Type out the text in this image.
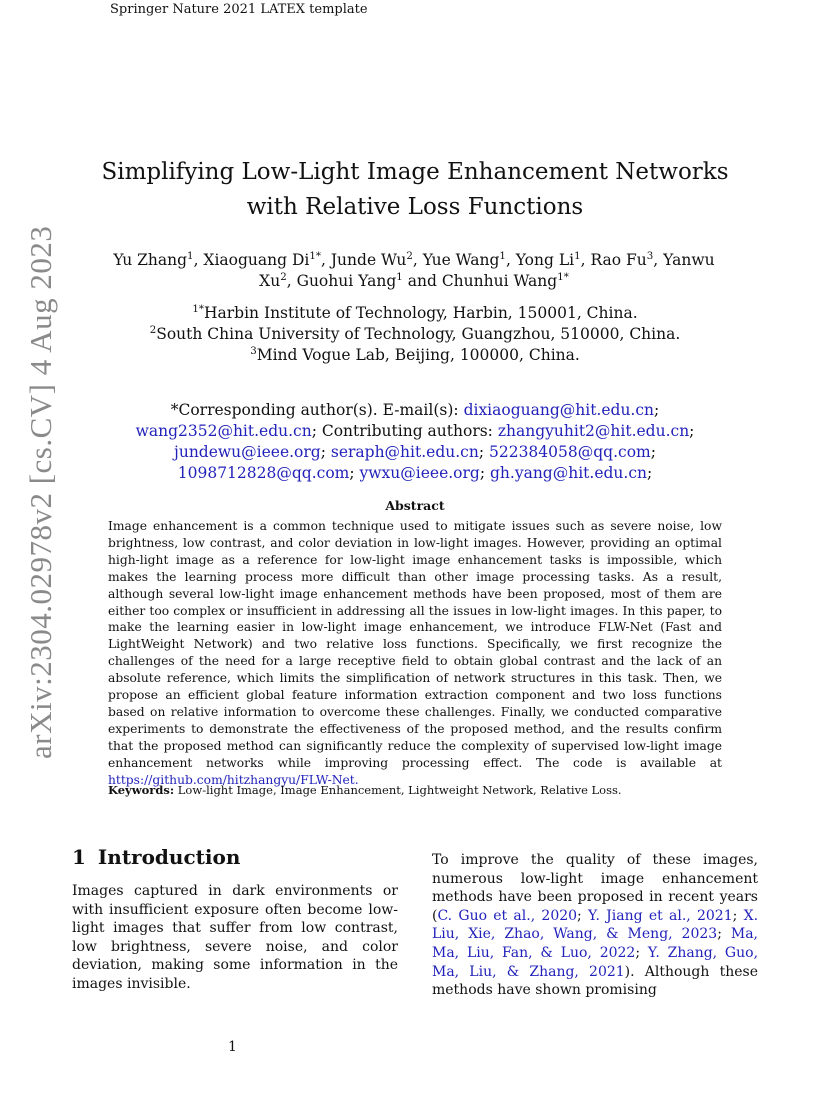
Springer Nature 2021 LATEX template
arXiv:2304.02978v2 [cs.CV] 4 Aug 2023
Simplifying Low-Light Image Enhancement Networks with Relative Loss Functions
Yu Zhang$^1$, Xiaoguang $Di^{1*}$, Junde Wu$^2$, Yue Wang$^1$, Yong Li$^1$, Rao Fu$^3$, Yanwu Xu$^2$, Guohui Yang$^1$ and Chunhui Wang$^{1*}$
$^{1*}$Harbin Institute of Technology, Harbin, 150001, China.
$^2$South China University of Technology, Guangzhou, 510000, China.
$^3$Mind Vogue Lab, Beijing, 100000, China.
*Corresponding author(s). E-mail(s): dixiaoguang@hit.edu.cn; wang2352@hit.edu.cn; Contributing authors: zhangyuhit2@hit.edu.cn; jundewu@ieee.org; seraph@hit.edu.cn; 522384058@qq.com; 1098712828@qq.com; ywxu@ieee.org; gh.yang@hit.edu.cn;
Abstract
Image enhancement is a common technique used to mitigate issues such as severe noise, low brightness, low contrast, and color deviation in low-light images. However, providing an optimal high-light image as a reference for low-light image enhancement tasks is impossible, which makes the learning process more difficult than other image processing tasks. As a result, although several low-light image enhancement methods have been proposed, most of them are either too complex or insufficient in addressing all the issues in low-light images. In this paper, to make the learning easier in low-light image enhancement, we introduce FLW-Net (Fast and LightWeight Network) and two relative loss functions. Specifically, we first recognize the challenges of the need for a large receptive field to obtain global contrast and the lack of an absolute reference, which limits the simplification of network structures in this task. Then, we propose an efficient global feature information extraction component and two loss functions based on relative information to overcome these challenges. Finally, we conducted comparative experiments to demonstrate the effectiveness of the proposed method, and the results confirm that the proposed method can significantly reduce the complexity of supervised low-light image enhancement networks while improving processing effect. The code is available at https://github.com/hitzhangyu/FLW-Net.
Keywords: Low-light Image, Image Enhancement, Lightweight Network, Relative Loss.
1 Introduction
Images captured in dark environments or with insufficient exposure often become low-light images that suffer from low contrast, low brightness, severe noise, and color deviation, making some information in the images invisible.
To improve the quality of these images, numerous low-light image enhancement methods have been proposed in recent years (C. Guo et al., 2020; Y. Jiang et al., 2021; X. Liu, Xie, Zhao, Wang, & Meng, 2023; Ma, Ma, Liu, Fan, & Luo, 2022; Y. Zhang, Guo, Ma, Liu, & Zhang, 2021). Although these methods have shown promising
1
